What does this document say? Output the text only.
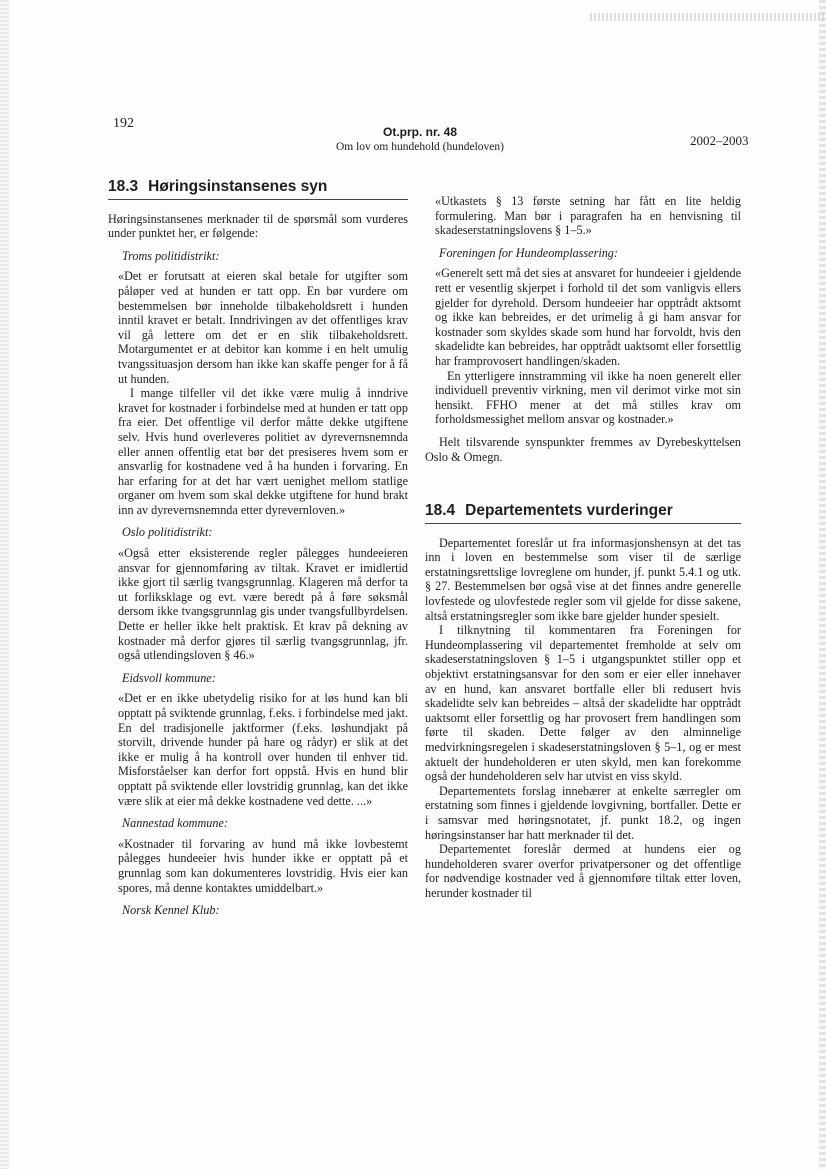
192
Ot.prp. nr. 48
Om lov om hundehold (hundeloven)	2002–2003
18.3 Høringsinstansenes syn

Høringsinstansenes merknader til de spørsmål som vurderes under punktet her, er følgende:

Troms politidistrikt:

«Det er forutsatt at eieren skal betale for utgifter som påløper ved at hunden er tatt opp. En bør vurdere om bestemmelsen bør inneholde tilbakeholdsrett i hunden inntil kravet er betalt. Inndrivingen av det offentliges krav vil gå lettere om det er en slik tilbakeholdsrett. Motargumentet er at debitor kan komme i en helt umulig tvangssituasjon dersom han ikke kan skaffe penger for å få ut hunden.

I mange tilfeller vil det ikke være mulig å inndrive kravet for kostnader i forbindelse med at hunden er tatt opp fra eier. Det offentlige vil derfor måtte dekke utgiftene selv. Hvis hund overleveres politiet av dyrevernsnemnda eller annen offentlig etat bør det presiseres hvem som er ansvarlig for kostnadene ved å ha hunden i forvaring. En har erfaring for at det har vært uenighet mellom statlige organer om hvem som skal dekke utgiftene for hund brakt inn av dyrevernsnemnda etter dyrevernloven.»

Oslo politidistrikt:

«Også etter eksisterende regler pålegges hundeeieren ansvar for gjennomføring av tiltak. Kravet er imidlertid ikke gjort til særlig tvangsgrunnlag. Klageren må derfor ta ut forliksklage og evt. være beredt på å føre søksmål dersom ikke tvangsgrunnlag gis under tvangsfullbyrdelsen. Dette er heller ikke helt praktisk. Et krav på dekning av kostnader må derfor gjøres til særlig tvangsgrunnlag, jfr. også utlendingsloven § 46.»

Eidsvoll kommune:

«Det er en ikke ubetydelig risiko for at løs hund kan bli opptatt på sviktende grunnlag, f.eks. i forbindelse med jakt. En del tradisjonelle jaktformer (f.eks. løshundjakt på storvilt, drivende hunder på hare og rådyr) er slik at det ikke er mulig å ha kontroll over hunden til enhver tid. Misforståelser kan derfor fort oppstå. Hvis en hund blir opptatt på sviktende eller lovstridig grunnlag, kan det ikke være slik at eier må dekke kostnadene ved dette. ...»

Nannestad kommune:

«Kostnader til forvaring av hund må ikke lovbestemt pålegges hundeeier hvis hunder ikke er opptatt på et grunnlag som kan dokumenteres lovstridig. Hvis eier kan spores, må denne kontaktes umiddelbart.»

Norsk Kennel Klub:

«Utkastets § 13 første setning har fått en lite heldig formulering. Man bør i paragrafen ha en henvisning til skadeserstatningslovens § 1–5.»

Foreningen for Hundeomplassering:

«Generelt sett må det sies at ansvaret for hundeeier i gjeldende rett er vesentlig skjerpet i forhold til det som vanligvis ellers gjelder for dyrehold. Dersom hundeeier har opptrådt aktsomt og ikke kan bebreides, er det urimelig å gi ham ansvar for kostnader som skyldes skade som hund har forvoldt, hvis den skadelidte kan bebreides, har opptrådt uaktsomt eller forsettlig har framprovosert handlingen/skaden.

En ytterligere innstramming vil ikke ha noen generelt eller individuell preventiv virkning, men vil derimot virke mot sin hensikt. FFHO mener at det må stilles krav om forholdsmessighet mellom ansvar og kostnader.»

Helt tilsvarende synspunkter fremmes av Dyrebeskyttelsen Oslo & Omegn.

18.4 Departementets vurderinger

Departementet foreslår ut fra informasjonshensyn at det tas inn i loven en bestemmelse som viser til de særlige erstatningsrettslige lovreglene om hunder, jf. punkt 5.4.1 og utk. § 27. Bestemmelsen bør også vise at det finnes andre generelle lovfestede og ulovfestede regler som vil gjelde for disse sakene, altså erstatningsregler som ikke bare gjelder hunder spesielt.

I tilknytning til kommentaren fra Foreningen for Hundeomplassering vil departementet fremholde at selv om skadeserstatningsloven § 1–5 i utgangspunktet stiller opp et objektivt erstatningsansvar for den som er eier eller innehaver av en hund, kan ansvaret bortfalle eller bli redusert hvis skadelidte selv kan bebreides – altså der skadelidte har opptrådt uaktsomt eller forsettlig og har provosert frem handlingen som førte til skaden. Dette følger av den alminnelige medvirkningsregelen i skadeserstatningsloven § 5–1, og er mest aktuelt der hundeholderen er uten skyld, men kan forekomme også der hundeholderen selv har utvist en viss skyld.

Departementets forslag innebærer at enkelte særregler om erstatning som finnes i gjeldende lovgivning, bortfaller. Dette er i samsvar med høringsnotatet, jf. punkt 18.2, og ingen høringsinstanser har hatt merknader til det.

Departementet foreslår dermed at hundens eier og hundeholderen svarer overfor privatpersoner og det offentlige for nødvendige kostnader ved å gjennomføre tiltak etter loven, herunder kostnader til
